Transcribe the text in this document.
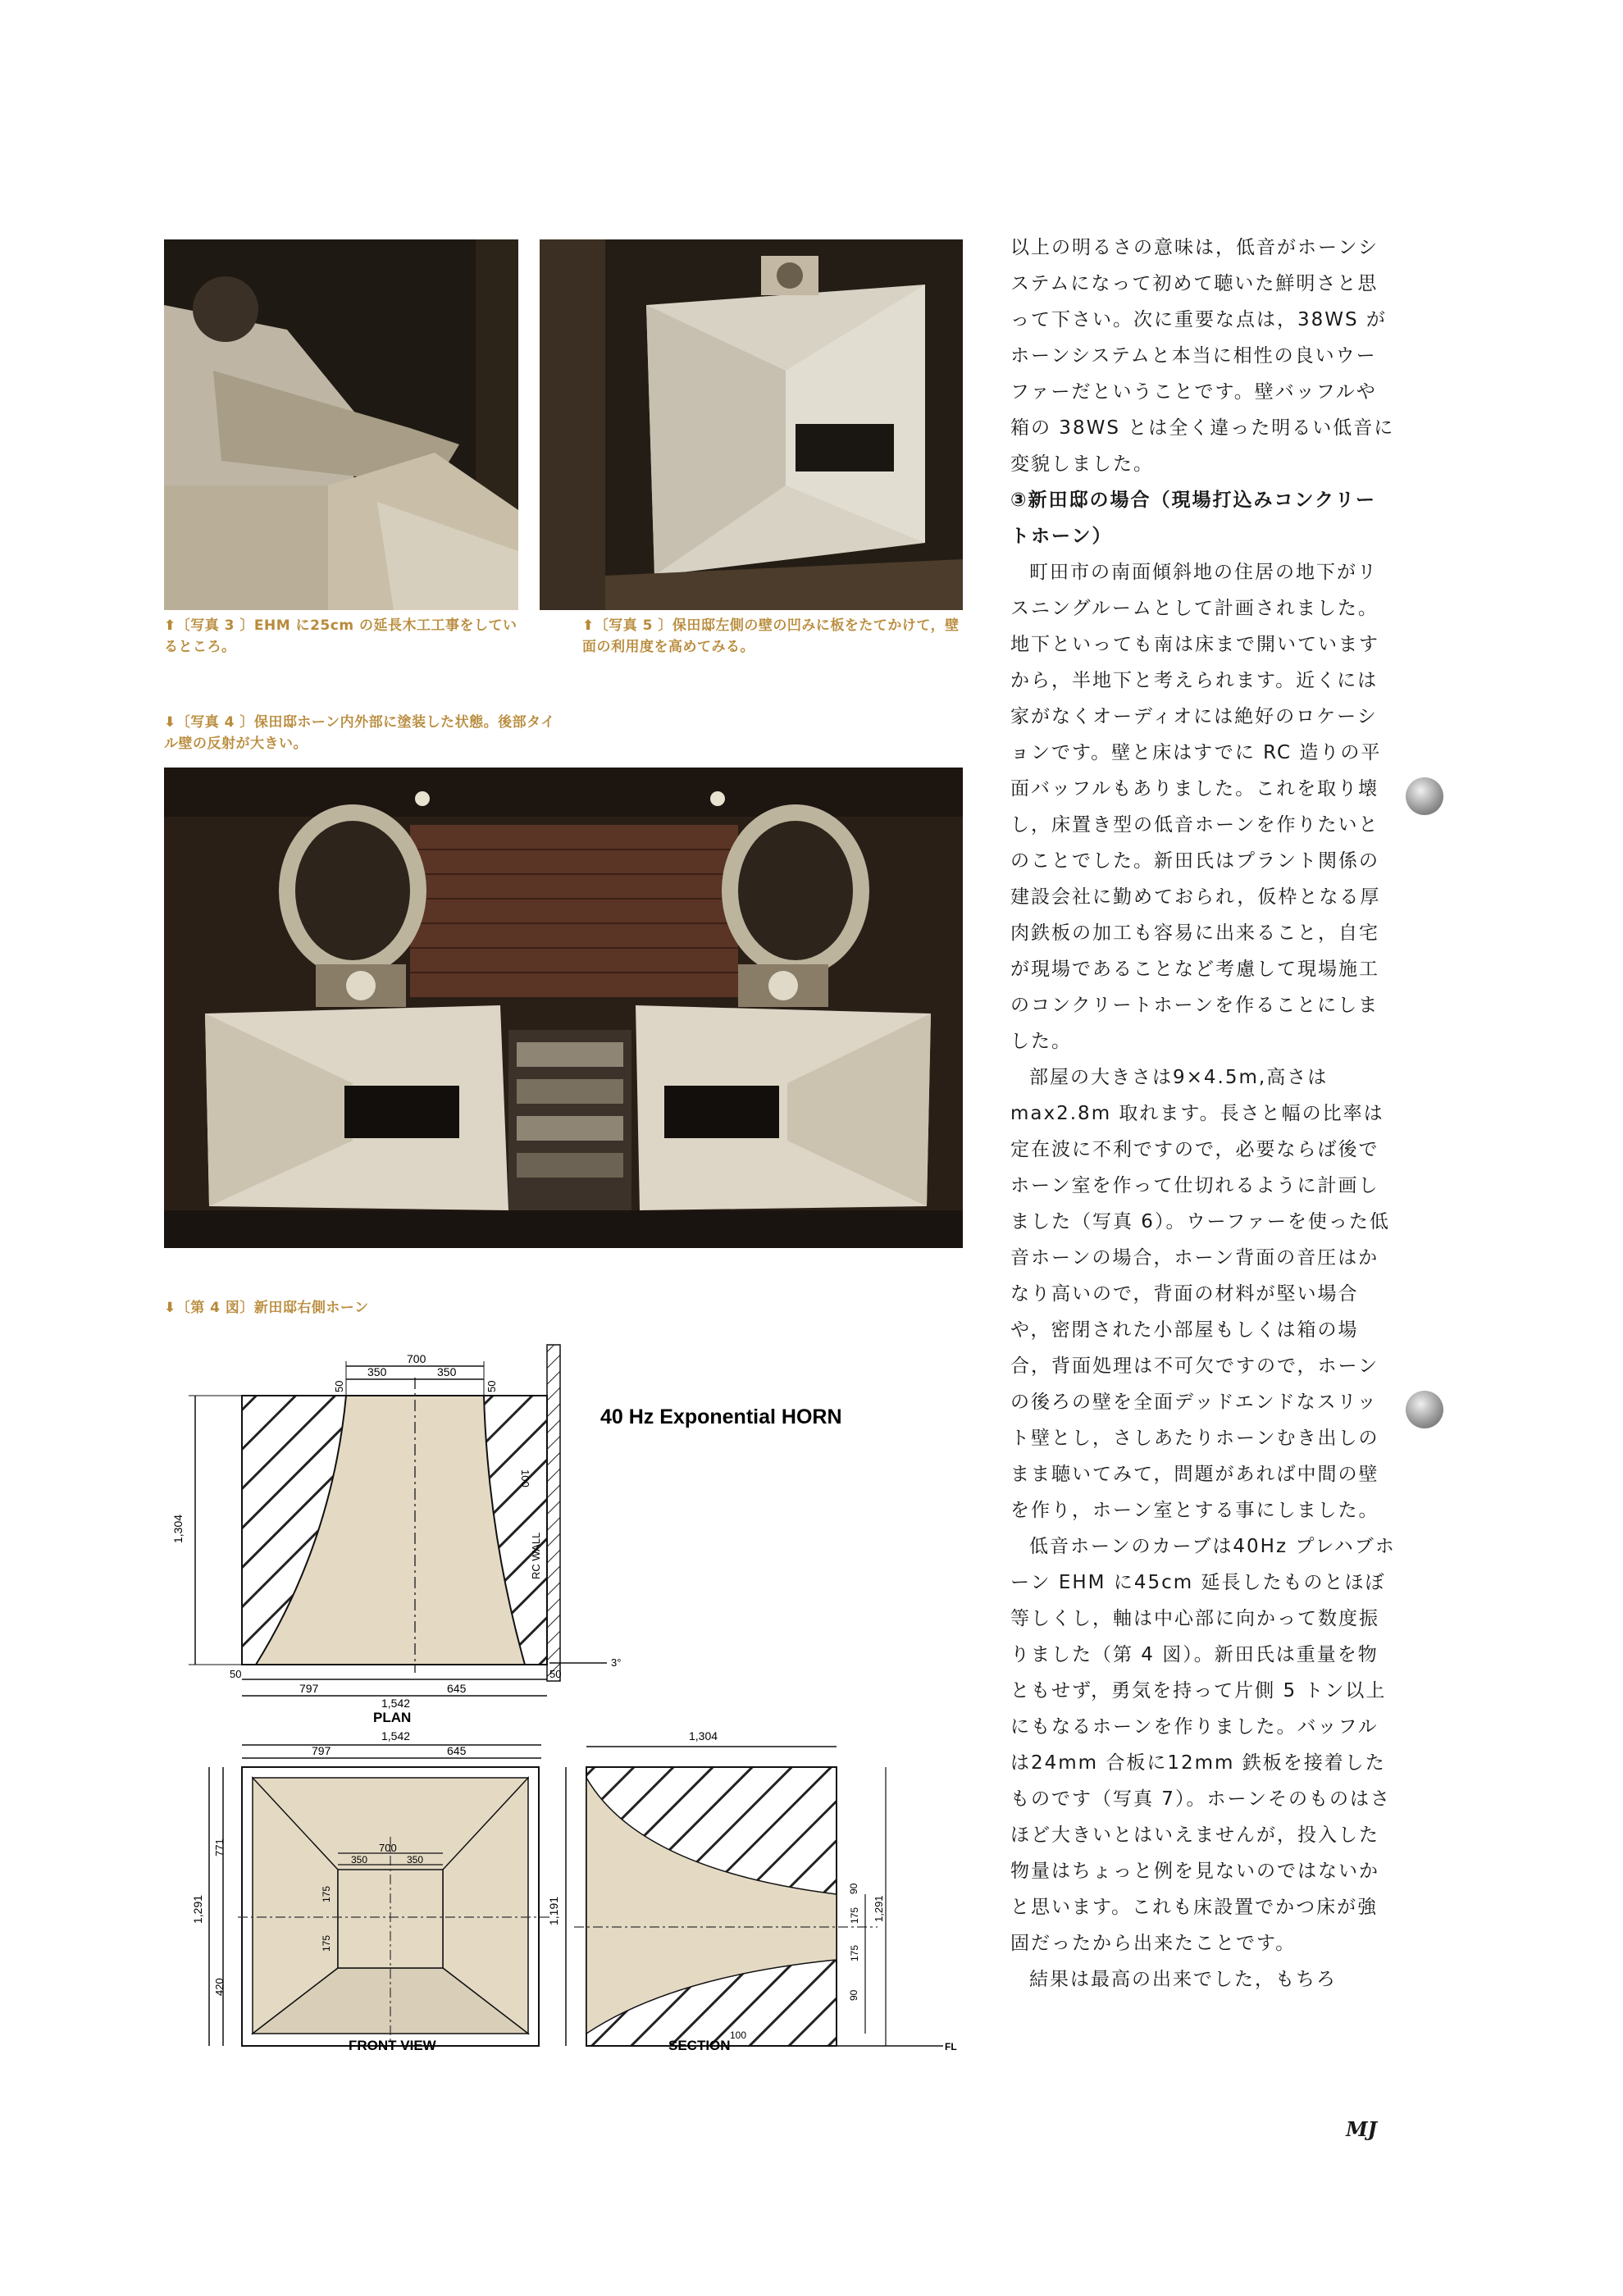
⬆〔写真 3 〕EHM に25cm の延長木工工事をしているところ。
⬆〔写真 5 〕保田邸左側の壁の凹みに板をたてかけて，壁面の利用度を高めてみる。
⬇〔写真 4 〕保田邸ホーン内外部に塗装した状態。後部タイル壁の反射が大きい。
⬇〔第 4 図〕新田邸右側ホーン
700
350	350
50	50
100
RC WALL
1,304
50
797	645
50
1,542
3°
PLAN
40 Hz Exponential HORN
1,542
797	645
700
350	350
175
175
1,291
771
420
FRONT VIEW
1,304
1,191
90
175
175
90
1,291
100
FL
SECTION

以上の明るさの意味は，低音がホーンシステムになって初めて聴いた鮮明さと思って下さい。次に重要な点は，38WS がホーンシステムと本当に相性の良いウーファーだということです。壁バッフルや箱の 38WS とは全く違った明るい低音に変貌しました。

③新田邸の場合（現場打込みコンクリートホーン）

町田市の南面傾斜地の住居の地下がリスニングルームとして計画されました。地下といっても南は床まで開いていますから，半地下と考えられます。近くには家がなくオーディオには絶好のロケーションです。壁と床はすでに RC 造りの平面バッフルもありました。これを取り壊し，床置き型の低音ホーンを作りたいとのことでした。新田氏はプラント関係の建設会社に勤めておられ，仮枠となる厚肉鉄板の加工も容易に出来ること，自宅が現場であることなど考慮して現場施工のコンクリートホーンを作ることにしました。

部屋の大きさは9×4.5m,高さはmax2.8m 取れます。長さと幅の比率は定在波に不利ですので，必要ならば後でホーン室を作って仕切れるように計画しました（写真 6）。ウーファーを使った低音ホーンの場合，ホーン背面の音圧はかなり高いので，背面の材料が堅い場合や，密閉された小部屋もしくは箱の場合，背面処理は不可欠ですので，ホーンの後ろの壁を全面デッドエンドなスリット壁とし，さしあたりホーンむき出しのまま聴いてみて，問題があれば中間の壁を作り，ホーン室とする事にしました。

低音ホーンのカーブは40Hz プレハブホーン EHM に45cm 延長したものとほぼ等しくし，軸は中心部に向かって数度振りました（第 4 図）。新田氏は重量を物ともせず，勇気を持って片側 5 トン以上にもなるホーンを作りました。バッフルは24mm 合板に12mm 鉄板を接着したものです（写真 7）。ホーンそのものはさほど大きいとはいえませんが，投入した物量はちょっと例を見ないのではないかと思います。これも床設置でかつ床が強固だったから出来たことです。

結果は最高の出来でした，もちろ

MJ
